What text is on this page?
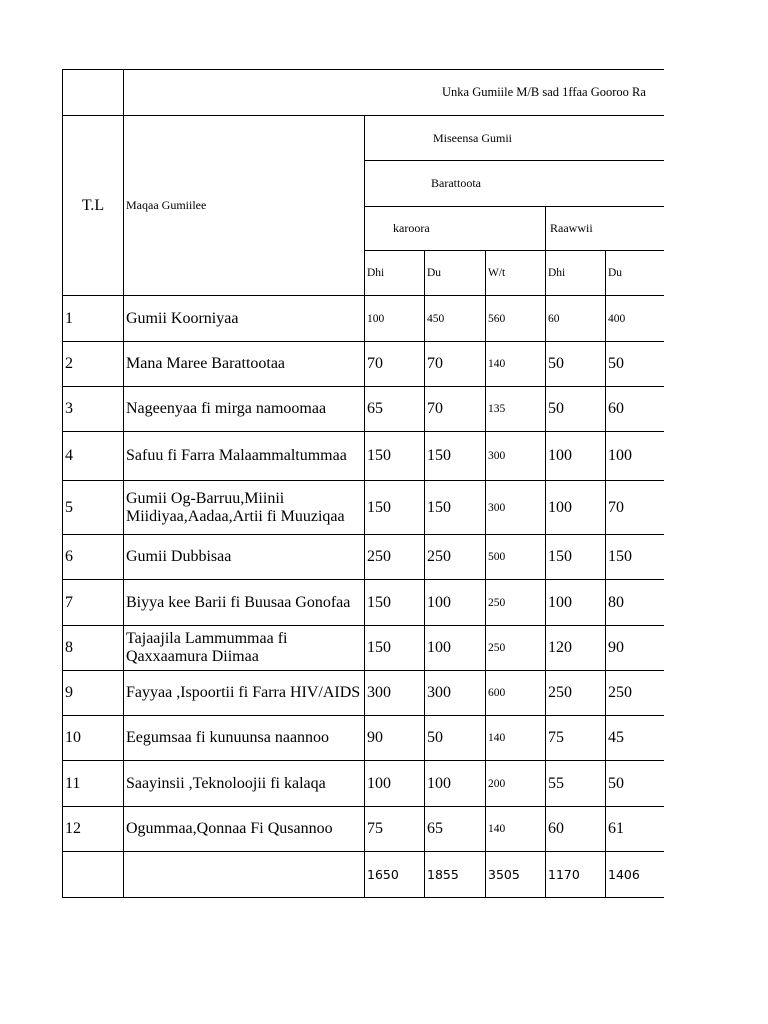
	Unka Gumiile M/B sad 1ffaa Gooroo Ra						
T.L	Maqaa Gumiilee	Miseensa Gumii					
		Barattoota					
		karoora			Raawwii		
		Dhi	Du	W/t	Dhi	Du	
1	Gumii Koorniyaa	100	450	560	60	400	
2	Mana Maree Barattootaa	70	70	140	50	50	
3	Nageenyaa fi mirga namoomaa	65	70	135	50	60	
4	Safuu fi Farra Malaammaltummaa	150	150	300	100	100	
5	Gumii Og-Barruu,Miinii Miidiyaa,Aadaa,Artii fi Muuziqaa	150	150	300	100	70	
6	Gumii Dubbisaa	250	250	500	150	150	
7	Biyya kee Barii fi Buusaa Gonofaa	150	100	250	100	80	
8	Tajaajila Lammummaa fi Qaxxaamura Diimaa	150	100	250	120	90	
9	Fayyaa ,Ispoortii fi Farra HIV/AIDS	300	300	600	250	250	
10	Eegumsaa fi kunuunsa naannoo	90	50	140	75	45	
11	Saayinsii ,Teknoloojii fi kalaqa	100	100	200	55	50	
12	Ogummaa,Qonnaa Fi Qusannoo	75	65	140	60	61	
		1650	1855	3505	1170	1406	
